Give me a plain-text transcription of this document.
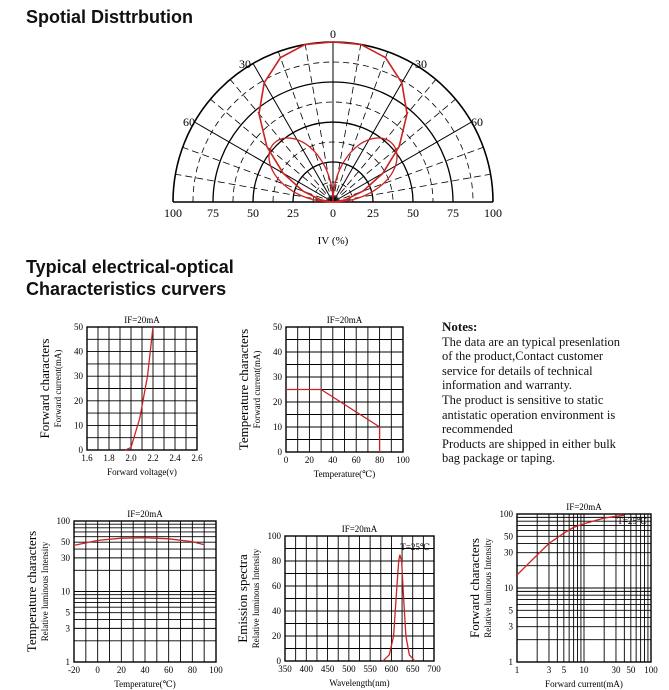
Spotial Disttrbution
Typical electrical-optical
Characteristics curvers
0
30	30
60	60
100 75 50 25	0	25 50 75 100
IV (%)
1.6 1.8 2.0 2.2 2.4 2.6
0
10
20
30
40
50
Forward voltage(v)
IF=20mA
Forward characters Forward current(mA)
0 20 40 60 80 100
0
10
20
30
40
50
Temperature(℃)
IF=20mA
Temperature characters Forward current(mA)
-20 0 20 40 60 80 100
1
3
5
10
30
50
100
Temperature(℃)
IF=20mA
Temperature characters Relative luminous Intensity
350 400 450 500 550 600 650 700
0
20
40
60
80
100
Wavelength(nm)
IF=20mA
T=25℃
Emission spectra Relative luminous Intensity
1	3 5 10	30 50 100
1
3
5
10
30
50
100
Forward current(mA)
IF=20mA
T=25℃
Forward characters Relative luminous Intensity
Notes:
The data are an typical presenlation
of the product,Contact customer
service for details of technical
information and warranty.
The product is sensitive to static
antistatic operation environment is
recommended
Products are shipped in either bulk
bag package or taping.
